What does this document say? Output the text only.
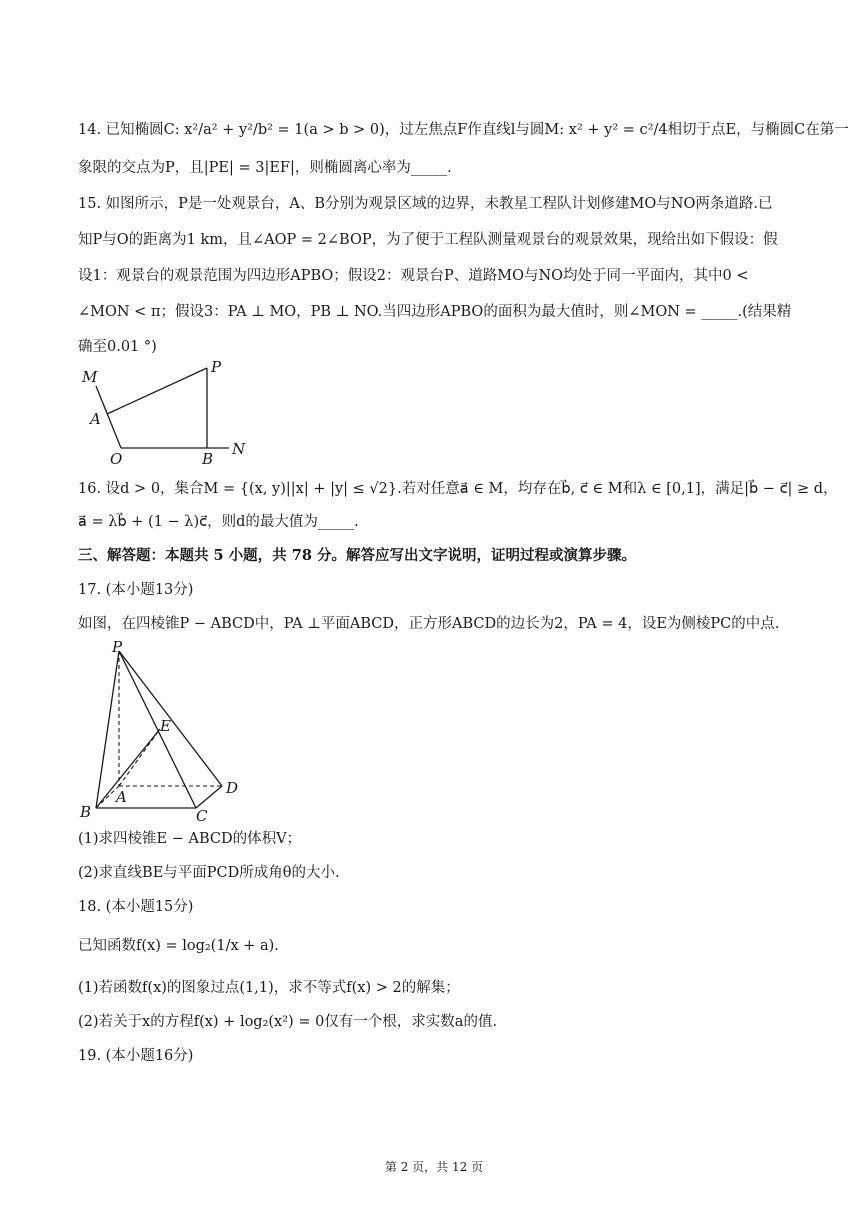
14. 已知椭圆C: x²/a² + y²/b² = 1(a > b > 0)，过左焦点F作直线l与圆M: x² + y² = c²/4相切于点E，与椭圆C在第一
象限的交点为P，且|PE| = 3|EF|，则椭圆离心率为_____.
15. 如图所示，P是一处观景台，A、B分别为观景区域的边界，未教星工程队计划修建MO与NO两条道路.已
知P与O的距离为1 km，且∠AOP = 2∠BOP，为了便于工程队测量观景台的观景效果，现给出如下假设：假
设1：观景台的观景范围为四边形APBO；假设2：观景台P、道路MO与NO均处于同一平面内，其中0 <
∠MON < π；假设3：PA ⊥ MO，PB ⊥ NO.当四边形APBO的面积为最大值时，则∠MON = _____.(结果精
确至0.01 °)
M
P
A
O	B
N
16. 设d > 0，集合M = {(x, y)||x| + |y| ≤ √2}.若对任意a⃗ ∈ M，均存在b⃗, c⃗ ∈ M和λ ∈ [0,1]，满足|b⃗ − c⃗| ≥ d，
a⃗ = λb⃗ + (1 − λ)c⃗，则d的最大值为_____.
三、解答题：本题共 5 小题，共 78 分。解答应写出文字说明，证明过程或演算步骤。
17. (本小题13分)
如图，在四棱锥P − ABCD中，PA ⊥平面ABCD，正方形ABCD的边长为2，PA = 4，设E为侧棱PC的中点.
P
E
D
B
A
C
(1)求四棱锥E − ABCD的体积V；
(2)求直线BE与平面PCD所成角θ的大小.
18. (本小题15分)
已知函数f(x) = log₂(1/x + a).
(1)若函数f(x)的图象过点(1,1)，求不等式f(x) > 2的解集；
(2)若关于x的方程f(x) + log₂(x²) = 0仅有一个根，求实数a的值.
19. (本小题16分)
第 2 页，共 12 页
